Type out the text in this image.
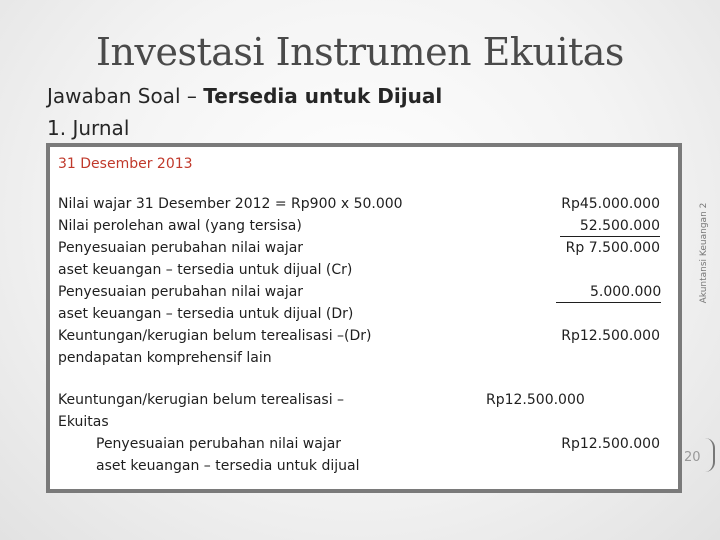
Investasi Instrumen Ekuitas
Jawaban Soal – Tersedia untuk Dijual
1. Jurnal
31 Desember 2013
Nilai wajar 31 Desember 2012 = Rp900 x 50.000
Nilai perolehan awal (yang tersisa)
Penyesuaian perubahan nilai wajar
aset keuangan – tersedia untuk dijual (Cr)
Penyesuaian perubahan nilai wajar
aset keuangan – tersedia untuk dijual (Dr)
Keuntungan/kerugian belum terealisasi –(Dr)
pendapatan komprehensif lain
Rp45.000.000
52.500.000
Rp 7.500.000
5.000.000
Rp12.500.000
Keuntungan/kerugian belum terealisasi –
Ekuitas
Penyesuaian perubahan nilai wajar
aset keuangan – tersedia untuk dijual
Rp12.500.000
Rp12.500.000
Akuntansi Keuangan 2
20
